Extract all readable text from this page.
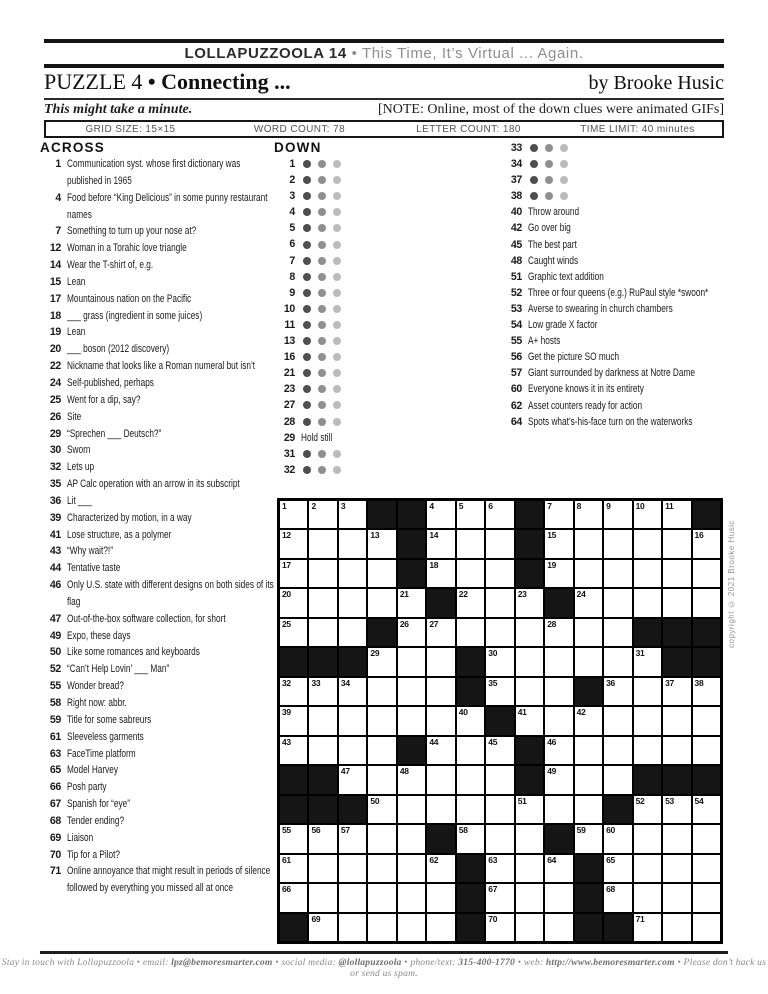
LOLLAPUZZOOLA 14 • This Time, It’s Virtual ... Again.
PUZZLE 4 • Connecting ...	by Brooke Husic
This might take a minute.	[NOTE: Online, most of the down clues were animated GIFs]
GRID SIZE: 15×15	WORD COUNT: 78	LETTER COUNT: 180	TIME LIMIT: 40 minutes
ACROSS
1 Communication syst. whose first dictionary was published in 1965
4 Food before “King Delicious” in some punny restaurant names
7 Something to turn up your nose at?
12 Woman in a Torahic love triangle
14 Wear the T-shirt of, e.g.
15 Lean
17 Mountainous nation on the Pacific
18 ___ grass (ingredient in some juices)
19 Lean
20 ___ boson (2012 discovery)
22 Nickname that looks like a Roman numeral but isn’t
24 Self-published, perhaps
25 Went for a dip, say?
26 Site
29 “Sprechen ___ Deutsch?”
30 Sworn
32 Lets up
35 AP Calc operation with an arrow in its subscript
36 Lit ___
39 Characterized by motion, in a way
41 Lose structure, as a polymer
43 “Why wait?!”
44 Tentative taste
46 Only U.S. state with different designs on both sides of its flag
47 Out-of-the-box software collection, for short
49 Expo, these days
50 Like some romances and keyboards
52 “Can’t Help Lovin’ ___ Man”
55 Wonder bread?
58 Right now: abbr.
59 Title for some sabreurs
61 Sleeveless garments
63 FaceTime platform
65 Model Harvey
66 Posh party
67 Spanish for “eye”
68 Tender ending?
69 Liaison
70 Tip for a Pilot?
71 Online annoyance that might result in periods of silence followed by everything you missed all at once
DOWN
1
2
3
4
5
6
7
8
9
10
11
13
16
21
23
27
28
29 Hold still
31
32
33
34
37
38
40 Throw around
42 Go over big
45 The best part
48 Caught winds
51 Graphic text addition
52 Three or four queens (e.g.) RuPaul style *swoon*
53 Averse to swearing in church chambers
54 Low grade X factor
55 A+ hosts
56 Get the picture SO much
57 Giant surrounded by darkness at Notre Dame
60 Everyone knows it in its entirety
62 Asset counters ready for action
64 Spots what’s-his-face turn on the waterworks
1	2	3	4	5	6	7	8	9	10 11
12	13	14	15	16
17	18	19
20	21	22	23	24
25	26 27	28
29	30	31
32 33 34	35	36	37 38
39	40	41	42
43	44	45	46
47	48	49
50	51	52 53 54
55 56 57	58	59 60
61	62	63	64	65
66	67	68
69	70	71
copyright © 2021 Brooke Husic
Stay in touch with Lollapuzzoola • email: lpz@bemoresmarter.com • social media: @lollapuzzoola • phone/text: 315-400-1770 • web: http://www.bemoresmarter.com • Please don’t hack us or send us spam.
